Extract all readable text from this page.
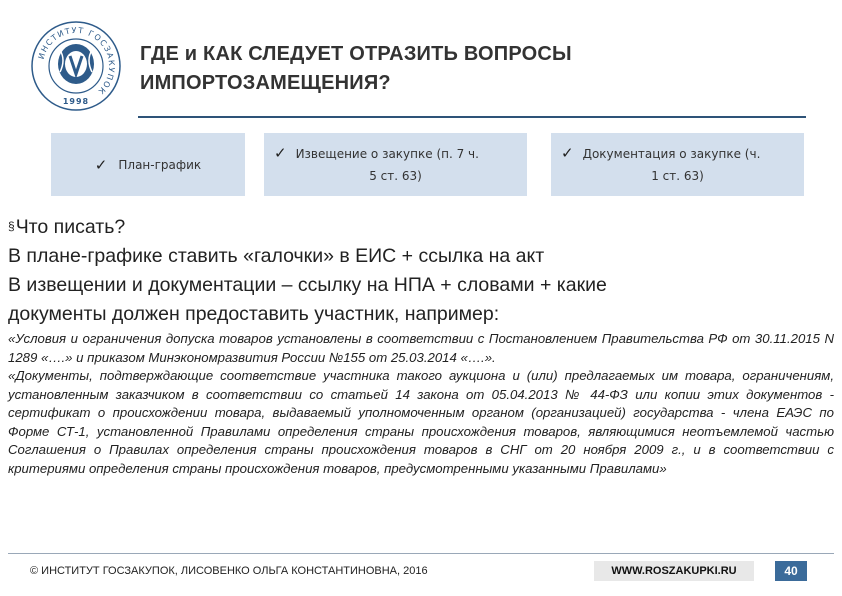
ИНСТИТУТ ГОСЗАКУПОК
1998
ГДЕ и КАК СЛЕДУЕТ ОТРАЗИТЬ ВОПРОСЫ
ИМПОРТОЗАМЕЩЕНИЯ?
✓ План-график
✓ Извещение о закупке (п. 7 ч.
5 ст. 63)
✓ Документация о закупке (ч.
1 ст. 63)
§Что писать?
В плане-графике ставить «галочки» в ЕИС + ссылка на акт
В извещении и документации – ссылку на НПА + словами + какие
документы должен предоставить участник, например:
«Условия и ограничения допуска товаров установлены в соответствии с Постановлением Правительства РФ от 30.11.2015 N 1289 «….» и приказом Минэкономразвития России №155 от 25.03.2014 «….».
«Документы, подтверждающие соответствие участника такого аукциона и (или) предлагаемых им товара, ограничениям, установленным заказчиком в соответствии со статьей 14 закона от 05.04.2013 № 44-ФЗ или копии этих документов - сертификат о происхождении товара, выдаваемый уполномоченным органом (организацией) государства - члена ЕАЭС по Форме СТ-1, установленной Правилами определения страны происхождения товаров, являющимися неотъемлемой частью Соглашения о Правилах определения страны происхождения товаров в СНГ от 20 ноября 2009 г., и в соответствии с критериями определения страны происхождения товаров, предусмотренными указанными Правилами»
© ИНСТИТУТ ГОСЗАКУПОК, ЛИСОВЕНКО ОЛЬГА КОНСТАНТИНОВНА, 2016	WWW.ROSZAKUPKI.RU	40
